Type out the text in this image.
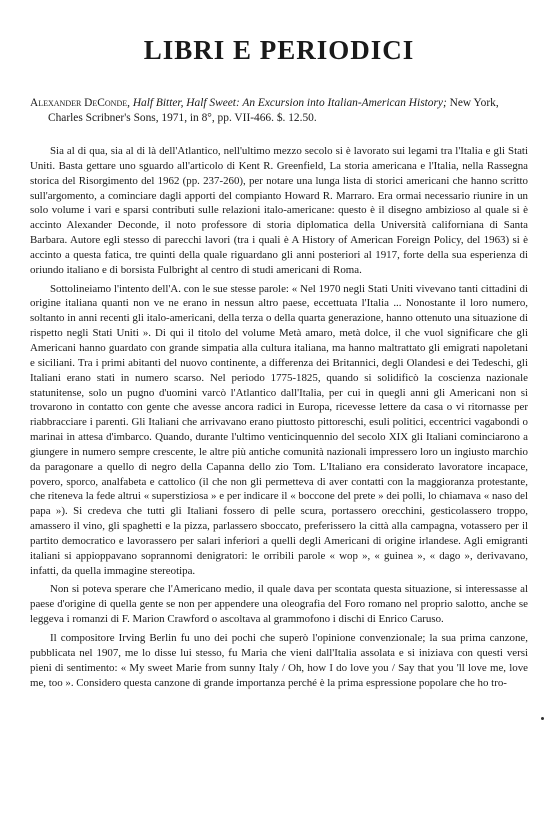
LIBRI E PERIODICI
Alexander DeConde, Half Bitter, Half Sweet: An Excursion into Italian-American History; New York, Charles Scribner's Sons, 1971, in 8°, pp. VII-466. $. 12.50.

Sia al di qua, sia al di là dell'Atlantico, nell'ultimo mezzo secolo si è lavorato sui legami tra l'Italia e gli Stati Uniti. Basta gettare uno sguardo all'articolo di Kent R. Greenfield, La storia americana e l'Italia, nella Rassegna storica del Risorgimento del 1962 (pp. 237-260), per notare una lunga lista di storici americani che hanno scritto sull'argomento, a cominciare dagli apporti del compianto Howard R. Marraro. Era ormai necessario riunire in un solo volume i vari e sparsi contributi sulle relazioni italo-americane: questo è il disegno ambizioso al quale si è accinto Alexander Deconde, il noto professore di storia diplomatica della Università californiana di Santa Barbara. Autore egli stesso di parecchi lavori (tra i quali è A History of American Foreign Policy, del 1963) si è accinto a questa fatica, tre quinti della quale riguardano gli anni posteriori al 1917, forte della sua esperienza di oriundo italiano e di borsista Fulbright al centro di studi americani di Roma.

Sottolineiamo l'intento dell'A. con le sue stesse parole: « Nel 1970 negli Stati Uniti vivevano tanti cittadini di origine italiana quanti non ve ne erano in nessun altro paese, eccettuata l'Italia ... Nonostante il loro numero, soltanto in anni recenti gli italo-americani, della terza o della quarta generazione, hanno ottenuto una situazione di rispetto negli Stati Uniti ». Di qui il titolo del volume Metà amaro, metà dolce, il che vuol significare che gli Americani hanno guardato con grande simpatia alla cultura italiana, ma hanno maltrattato gli emigrati napoletani e siciliani. Tra i primi abitanti del nuovo continente, a differenza dei Britannici, degli Olandesi e dei Tedeschi, gli Italiani erano stati in numero scarso. Nel periodo 1775-1825, quando si solidificò la coscienza nazionale statunitense, solo un pugno d'uomini varcò l'Atlantico dall'Italia, per cui in quegli anni gli Americani non si trovarono in contatto con gente che avesse ancora radici in Europa, ricevesse lettere da casa o vi ritornasse per riabbracciare i parenti. Gli Italiani che arrivavano erano piuttosto pittoreschi, esuli politici, eccentrici vagabondi o marinai in attesa d'imbarco. Quando, durante l'ultimo venticinquennio del secolo XIX gli Italiani cominciarono a giungere in numero sempre crescente, le altre più antiche comunità nazionali impressero loro un ingiusto marchio da paragonare a quello di negro della Capanna dello zio Tom. L'Italiano era considerato lavoratore incapace, povero, sporco, analfabeta e cattolico (il che non gli permetteva di aver contatti con la maggioranza protestante, che riteneva la fede altrui « superstiziosa » e per indicare il « boccone del prete » dei polli, lo chiamava « naso del papa »). Si credeva che tutti gli Italiani fossero di pelle scura, portassero orecchini, gesticolassero troppo, amassero il vino, gli spaghetti e la pizza, parlassero sboccato, preferissero la città alla campagna, votassero per il partito democratico e lavorassero per salari inferiori a quelli degli Americani di origine irlandese. Agli emigranti italiani si appioppavano soprannomi denigratori: le orribili parole « wop », « guinea », « dago », derivavano, infatti, da quella immagine stereotipa.

Non si poteva sperare che l'Americano medio, il quale dava per scontata questa situazione, si interessasse al paese d'origine di quella gente se non per appendere una oleografia del Foro romano nel proprio salotto, anche se leggeva i romanzi di F. Marion Crawford o ascoltava al grammofono i dischi di Enrico Caruso.

Il compositore Irving Berlin fu uno dei pochi che superò l'opinione convenzionale; la sua prima canzone, pubblicata nel 1907, me lo disse lui stesso, fu Maria che vieni dall'Italia assolata e si iniziava con questi versi pieni di sentimento: « My sweet Marie from sunny Italy / Oh, how I do love you / Say that you 'll love me, love me, too ». Considero questa canzone di grande importanza perché è la prima espressione popolare che ho tro-
